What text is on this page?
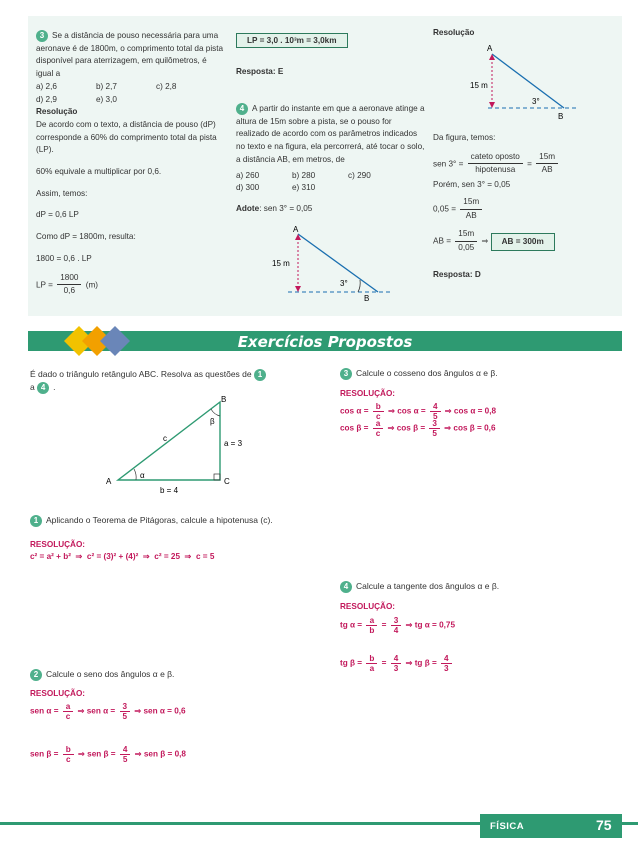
3 Se a distância de pouso necessária para uma aeronave é de 1800m, o comprimento total da pista disponível para aterrizagem, em quilômetros, é igual a

a) 2,6	b) 2,7	c) 2,8
d) 2,9	e) 3,0

Resolução

De acordo com o texto, a distância de pouso (dP) corresponde a 60% do comprimento total da pista (LP).

60% equivale a multiplicar por 0,6.

Assim, temos:

dP = 0,6 LP

Como dP = 1800m, resulta:

1800 = 0,6 . LP

LP = $\frac{1800}{0,6} (m)$

LP = 3,0 . 10³m = 3,0km
Resposta: E

4 A partir do instante em que a aeronave atinge a altura de 15m sobre a pista, se o pouso for realizado de acordo com os parâmetros indicados no texto e na figura, ela percorrerá, até tocar o solo, a distância AB, em metros, de

a) 260	b) 280	c) 290
d) 300	e) 310

Adote: sen 3° = 0,05

A
B
15 m
3°
Resolução
A
B
15 m
3°

Da figura, temos:

sen $3^\circ = \frac{\text{cateto oposto}}{\text{hipotenusa}} = \frac{15m}{AB}$

Porém, sen 3° = 0,05

$0,05 = \frac{15m}{AB}$

AB = $\frac{15m}{0,05}$ ⇒ AB = 300m

Resposta: D

Exercícios Propostos
É dado o triângulo retângulo ABC. Resolva as questões de 1
a 4 .
A
B
C
c
a = 3
b = 4
α
β
1 Aplicando o Teorema de Pitágoras, calcule a hipotenusa (c).
RESOLUÇÃO:
c² = a² + b²  ⇒  c² = (3)² + (4)²  ⇒  c² = 25  ⇒  c = 5
2 Calcule o seno dos ângulos α e β.
RESOLUÇÃO:
sen $\alpha = \frac{a}{c}$ ⇒ sen $\alpha = \frac{3}{5}$ ⇒ sen α = 0,6
sen $\beta = \frac{b}{c}$ ⇒ sen $\beta = \frac{4}{5}$ ⇒ sen β = 0,8
3 Calcule o cosseno dos ângulos α e β.
RESOLUÇÃO:
$\cos \alpha = \frac{b}{c}$ ⇒ $\cos \alpha = \frac{4}{5}$ ⇒ cos α = 0,8
$\cos \beta = \frac{a}{c}$ ⇒ $\cos \beta = \frac{3}{5}$ ⇒ cos β = 0,6
4 Calcule a tangente dos ângulos α e β.
RESOLUÇÃO:
tg $\alpha = \frac{a}{b} = \frac{3}{4}$ ⇒ tg α = 0,75
tg $\beta = \frac{b}{a} = \frac{4}{3}$ ⇒ tg $\beta = \frac{4}{3}$
FÍSICA	75
